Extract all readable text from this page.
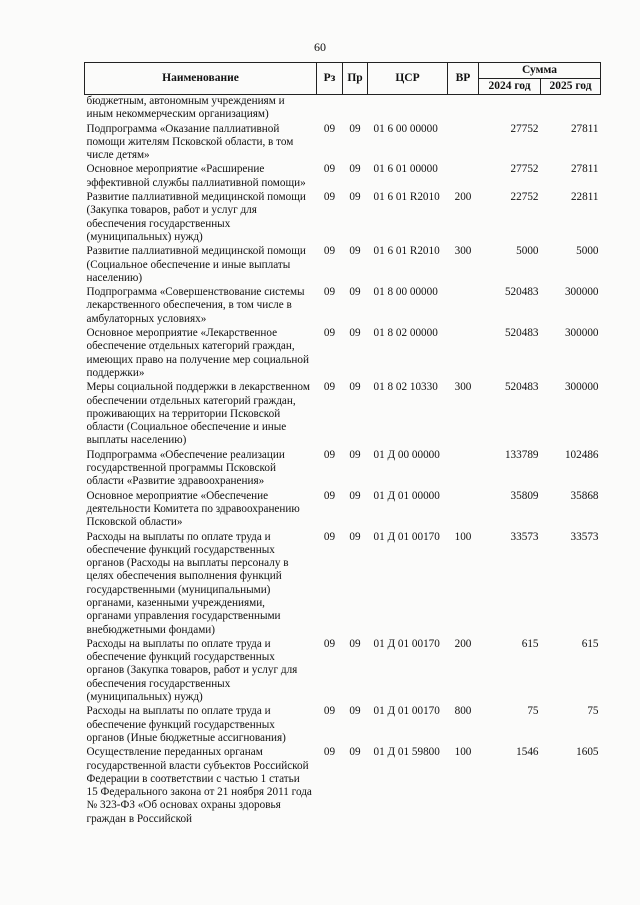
60
Наименование	Рз	Пр	ЦСР	ВР	Сумма	
					2024 год	2025 год
бюджетным, автономным учреждениям и иным некоммерческим организациям)						
Подпрограмма «Оказание паллиативной помощи жителям Псковской области, в том числе детям»	09	09	01 6 00 00000		27752	27811
Основное мероприятие «Расширение эффективной службы паллиативной помощи»	09	09	01 6 01 00000		27752	27811
Развитие паллиативной медицинской помощи (Закупка товаров, работ и услуг для обеспечения государственных (муниципальных) нужд)	09	09	01 6 01 R2010	200	22752	22811
Развитие паллиативной медицинской помощи (Социальное обеспечение и иные выплаты населению)	09	09	01 6 01 R2010	300	5000	5000
Подпрограмма «Совершенствование системы лекарственного обеспечения, в том числе в амбулаторных условиях»	09	09	01 8 00 00000		520483	300000
Основное мероприятие «Лекарственное обеспечение отдельных категорий граждан, имеющих право на получение мер социальной поддержки»	09	09	01 8 02 00000		520483	300000
Меры социальной поддержки в лекарственном обеспечении отдельных категорий граждан, проживающих на территории Псковской области (Социальное обеспечение и иные выплаты населению)	09	09	01 8 02 10330	300	520483	300000
Подпрограмма «Обеспечение реализации государственной программы Псковской области «Развитие здравоохранения»	09	09	01 Д 00 00000		133789	102486
Основное мероприятие «Обеспечение деятельности Комитета по здравоохранению Псковской области»	09	09	01 Д 01 00000		35809	35868
Расходы на выплаты по оплате труда и обеспечение функций государственных органов (Расходы на выплаты персоналу в целях обеспечения выполнения функций государственными (муниципальными) органами, казенными учреждениями, органами управления государственными внебюджетными фондами)	09	09	01 Д 01 00170	100	33573	33573
Расходы на выплаты по оплате труда и обеспечение функций государственных органов (Закупка товаров, работ и услуг для обеспечения государственных (муниципальных) нужд)	09	09	01 Д 01 00170	200	615	615
Расходы на выплаты по оплате труда и обеспечение функций государственных органов (Иные бюджетные ассигнования)	09	09	01 Д 01 00170	800	75	75
Осуществление переданных органам государственной власти субъектов Российской Федерации в соответствии с частью 1 статьи 15 Федерального закона от 21 ноября 2011 года № 323-ФЗ «Об основах охраны здоровья граждан в Российской	09	09	01 Д 01 59800	100	1546	1605
